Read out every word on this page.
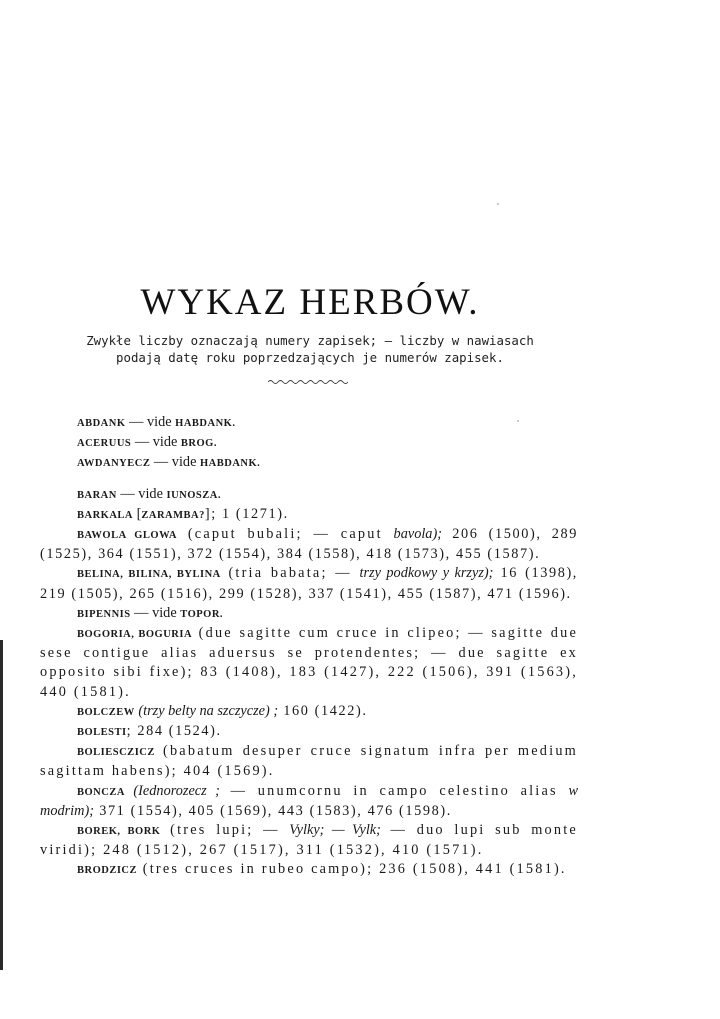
WYKAZ HERBÓW.
Zwykłe liczby oznaczają numery zapisek; — liczby w nawiasach
podają datę roku poprzedzających je numerów zapisek.

ABDANK — vide HABDANK.

ACERUUS — vide BROG.

AWDANYECZ — vide HABDANK.

BARAN — vide IUNOSZA.

BARKALA [ZARAMBA?]; 1 (1271).

BAWOLA GLOWA (caput bubali; — caput bavola); 206 (1500), 289 (1525), 364 (1551), 372 (1554), 384 (1558), 418 (1573), 455 (1587).

BELINA, BILINA, BYLINA (tria babata; — trzy podkowy y krzyz); 16 (1398), 219 (1505), 265 (1516), 299 (1528), 337 (1541), 455 (1587), 471 (1596).

BIPENNIS — vide TOPOR.

BOGORIA, BOGURIA (due sagitte cum cruce in clipeo; — sagitte due sese contigue alias aduersus se protendentes; — due sagitte ex opposito sibi fixe); 83 (1408), 183 (1427), 222 (1506), 391 (1563), 440 (1581).

BOLCZEW (trzy belty na szczycze) ; 160 (1422).

BOLESTI; 284 (1524).

BOLIESCZICZ (babatum desuper cruce signatum infra per medium sagittam habens); 404 (1569).

BONCZA (Iednorozecz ; — unumcornu in campo celestino alias w modrim); 371 (1554), 405 (1569), 443 (1583), 476 (1598).

BOREK, BORK (tres lupi; — Vylky; — Vylk; — duo lupi sub monte viridi); 248 (1512), 267 (1517), 311 (1532), 410 (1571).

BRODZICZ (tres cruces in rubeo campo); 236 (1508), 441 (1581).
